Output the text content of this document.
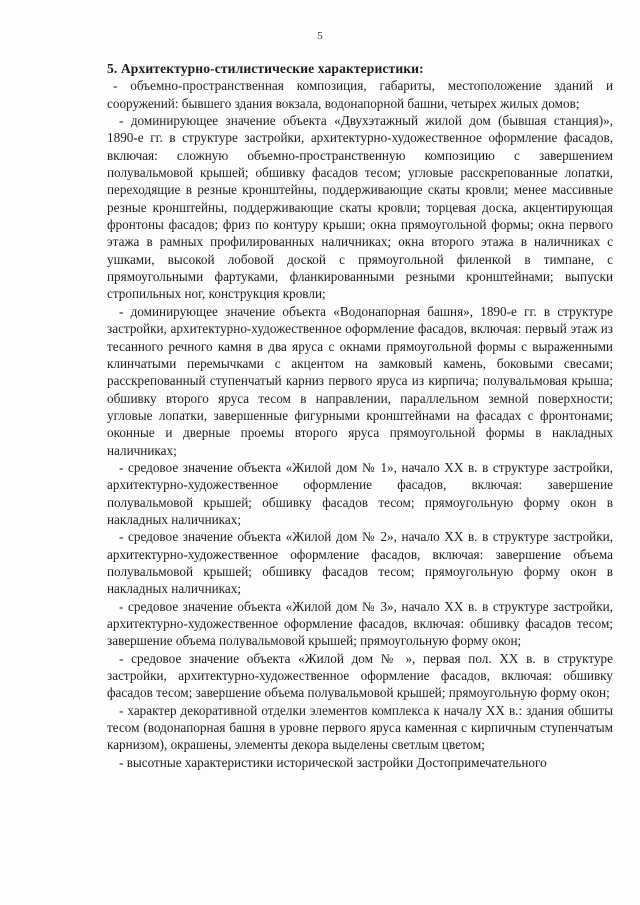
5
5. Архитектурно-стилистические характеристики:

- объемно-пространственная композиция, габариты, местоположение зданий и сооружений: бывшего здания вокзала, водонапорной башни, четырех жилых домов;

- доминирующее значение объекта «Двухэтажный жилой дом (бывшая станция)», 1890-е гг. в структуре застройки, архитектурно-художественное оформление фасадов, включая: сложную объемно-пространственную композицию с завершением полувальмовой крышей; обшивку фасадов тесом; угловые расскрепованные лопатки, переходящие в резные кронштейны, поддерживающие скаты кровли; менее массивные резные кронштейны, поддерживающие скаты кровли; торцевая доска, акцентирующая фронтоны фасадов; фриз по контуру крыши; окна прямоугольной формы; окна первого этажа в рамных профилированных наличниках; окна второго этажа в наличниках с ушками, высокой лобовой доской с прямоугольной филенкой в тимпане, с прямоугольными фартуками, фланкированными резными кронштейнами; выпуски стропильных ног, конструкция кровли;

- доминирующее значение объекта «Водонапорная башня», 1890-е гг. в структуре застройки, архитектурно-художественное оформление фасадов, включая: первый этаж из тесанного речного камня в два яруса с окнами прямоугольной формы с выраженными клинчатыми перемычками с акцентом на замковый камень, боковыми свесами; расскрепованный ступенчатый карниз первого яруса из кирпича; полувальмовая крыша; обшивку второго яруса тесом в направлении, параллельном земной поверхности; угловые лопатки, завершенные фигурными кронштейнами на фасадах с фронтонами; оконные и дверные проемы второго яруса прямоугольной формы в накладных наличниках;

- средовое значение объекта «Жилой дом № 1», начало XX в. в структуре застройки, архитектурно-художественное оформление фасадов, включая: завершение полувальмовой крышей; обшивку фасадов тесом; прямоугольную форму окон в накладных наличниках;

- средовое значение объекта «Жилой дом № 2», начало XX в. в структуре застройки, архитектурно-художественное оформление фасадов, включая: завершение объема полувальмовой крышей; обшивку фасадов тесом; прямоугольную форму окон в накладных наличниках;

- средовое значение объекта «Жилой дом № 3», начало XX в. в структуре застройки, архитектурно-художественное оформление фасадов, включая: обшивку фасадов тесом; завершение объема полувальмовой крышей; прямоугольную форму окон;

- средовое значение объекта «Жилой дом № », первая пол. XX в. в структуре застройки, архитектурно-художественное оформление фасадов, включая: обшивку фасадов тесом; завершение объема полувальмовой крышей; прямоугольную форму окон;

- характер декоративной отделки элементов комплекса к началу XX в.: здания обшиты тесом (водонапорная башня в уровне первого яруса каменная с кирпичным ступенчатым карнизом), окрашены, элементы декора выделены светлым цветом;

- высотные характеристики исторической застройки Достопримечательного
